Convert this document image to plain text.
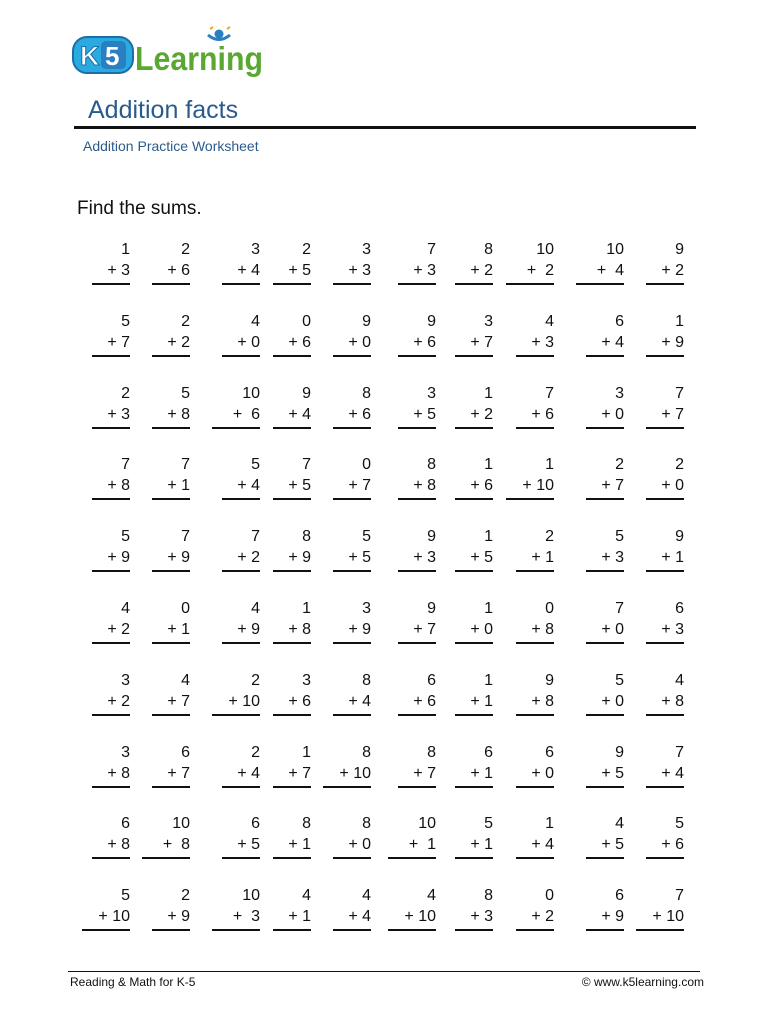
K 5 Learning
Addition facts
Addition Practice Worksheet
Find the sums.
1
+ 3
2
+ 6
3
+ 4
2
+ 5
3
+ 3
7
+ 3
8
+ 2
10
+  2
10
+  4
9
+ 2
5
+ 7
2
+ 2
4
+ 0
0
+ 6
9
+ 0
9
+ 6
3
+ 7
4
+ 3
6
+ 4
1
+ 9
2
+ 3
5
+ 8
10
+  6
9
+ 4
8
+ 6
3
+ 5
1
+ 2
7
+ 6
3
+ 0
7
+ 7
7
+ 8
7
+ 1
5
+ 4
7
+ 5
0
+ 7
8
+ 8
1
+ 6
1
+ 10
2
+ 7
2
+ 0
5
+ 9
7
+ 9
7
+ 2
8
+ 9
5
+ 5
9
+ 3
1
+ 5
2
+ 1
5
+ 3
9
+ 1
4
+ 2
0
+ 1
4
+ 9
1
+ 8
3
+ 9
9
+ 7
1
+ 0
0
+ 8
7
+ 0
6
+ 3
3
+ 2
4
+ 7
2
+ 10
3
+ 6
8
+ 4
6
+ 6
1
+ 1
9
+ 8
5
+ 0
4
+ 8
3
+ 8
6
+ 7
2
+ 4
1
+ 7
8
+ 10
8
+ 7
6
+ 1
6
+ 0
9
+ 5
7
+ 4
6
+ 8
10
+  8
6
+ 5
8
+ 1
8
+ 0
10
+  1
5
+ 1
1
+ 4
4
+ 5
5
+ 6
5
+ 10
2
+ 9
10
+  3
4
+ 1
4
+ 4
4
+ 10
8
+ 3
0
+ 2
6
+ 9
7
+ 10
Reading & Math for K-5	© www.k5learning.com
